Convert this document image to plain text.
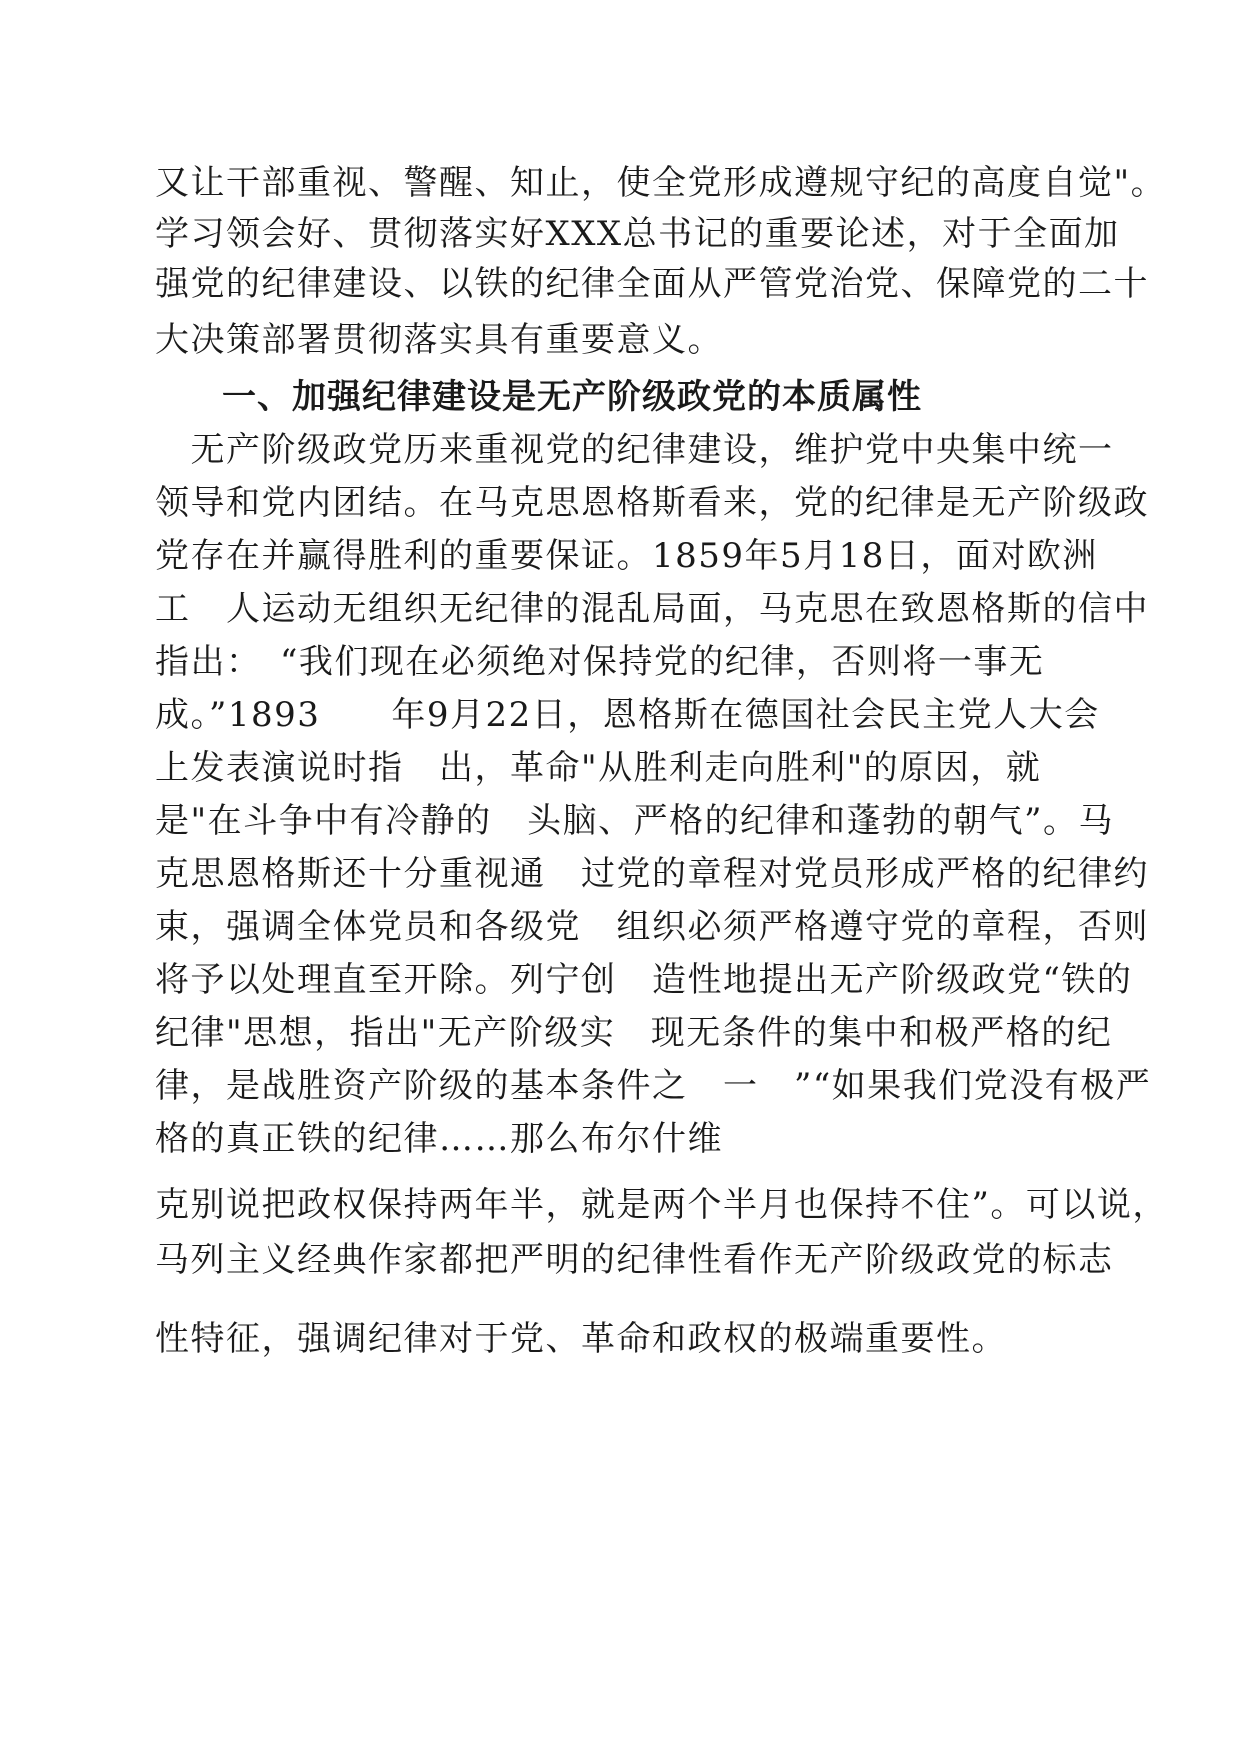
又让干部重视、警醒、知止，使全党形成遵规守纪的高度自觉"。
学习领会好、贯彻落实好XXX总书记的重要论述，对于全面加
强党的纪律建设、以铁的纪律全面从严管党治党、保障党的二十
大决策部署贯彻落实具有重要意义。
一、加强纪律建设是无产阶级政党的本质属性
　无产阶级政党历来重视党的纪律建设，维护党中央集中统一
领导和党内团结。在马克思恩格斯看来，党的纪律是无产阶级政
党存在并赢得胜利的重要保证。1859年5月18日，面对欧洲
工　人运动无组织无纪律的混乱局面，马克思在致恩格斯的信中
指出：　“我们现在必须绝对保持党的纪律，否则将一事无
成。”1893　　年9月22日，恩格斯在德国社会民主党人大会
上发表演说时指　出，革命"从胜利走向胜利"的原因，就
是"在斗争中有冷静的　头脑、严格的纪律和蓬勃的朝气”。马
克思恩格斯还十分重视通　过党的章程对党员形成严格的纪律约
束，强调全体党员和各级党　组织必须严格遵守党的章程，否则
将予以处理直至开除。列宁创　造性地提出无产阶级政党“铁的
纪律"思想，指出"无产阶级实　现无条件的集中和极严格的纪
律，是战胜资产阶级的基本条件之　一　”“如果我们党没有极严
格的真正铁的纪律……那么布尔什维
克别说把政权保持两年半，就是两个半月也保持不住”。可以说，
马列主义经典作家都把严明的纪律性看作无产阶级政党的标志
性特征，强调纪律对于党、革命和政权的极端重要性。
